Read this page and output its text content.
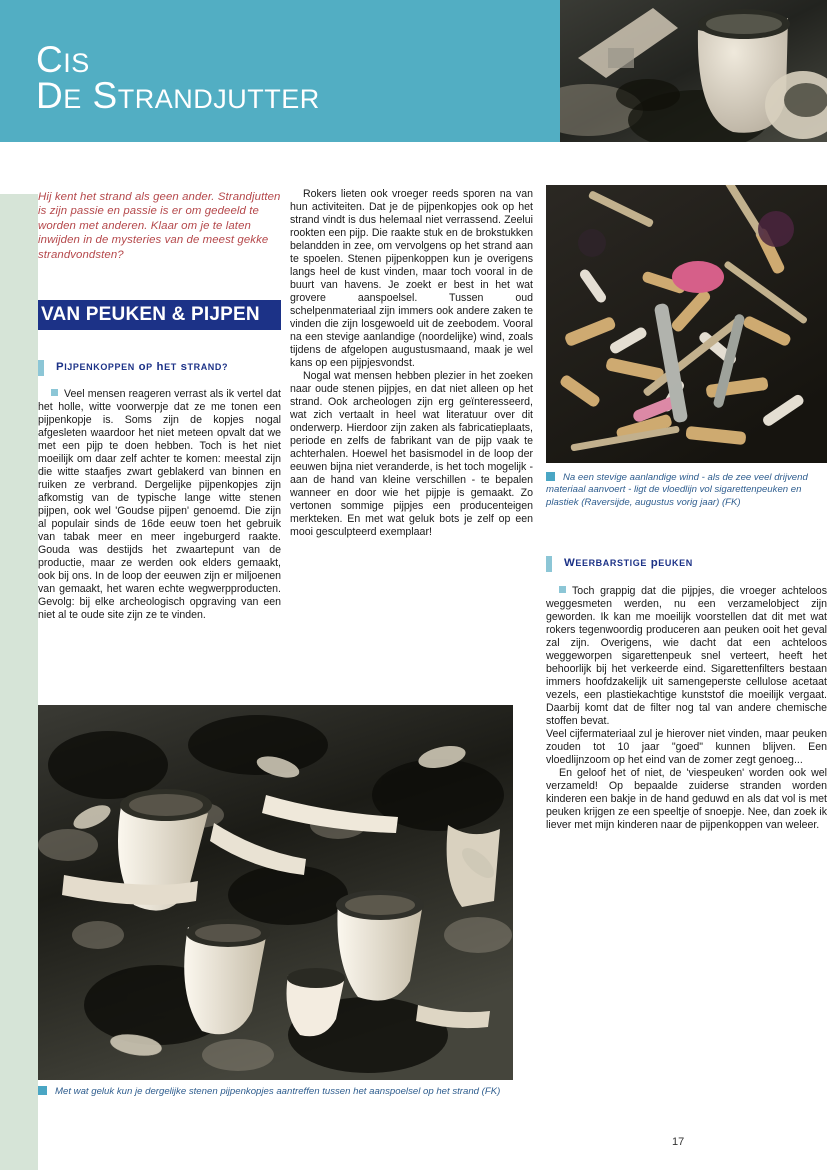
CIS
DE STRANDJUTTER
Na een stevige aanlandige wind - als de zee veel drijvend materiaal aanvoert - ligt de vloedlijn vol sigarettenpeuken en plastiek (Raversijde, augustus vorig jaar) (FK)

Hij kent het strand als geen ander. Strandjutten is zijn passie en passie is er om gedeeld te worden met anderen. Klaar om je te laten inwijden in de mysteries van de meest gekke strandvondsten?

VAN PEUKEN & PIJPEN
PIJPENKOPPEN oP hET sTRAND?

Veel mensen reageren verrast als ik vertel dat het holle, witte voorwerpje dat ze me tonen een pijpenkopje is. Soms zijn de kopjes nogal afgesleten waardoor het niet meteen opvalt dat we met een pijp te doen hebben. Toch is het niet moeilijk om daar zelf achter te komen: meestal zijn die witte staafjes zwart geblakerd van binnen en ruiken ze verbrand. Dergelijke pijpenkopjes zijn afkomstig van de typische lange witte stenen pijpen, ook wel 'Goudse pijpen' genoemd. Die zijn al populair sinds de 16de eeuw toen het gebruik van tabak meer en meer ingeburgerd raakte. Gouda was destijds het zwaartepunt van de productie, maar ze werden ook elders gemaakt, ook bij ons. In de loop der eeuwen zijn er miljoenen van gemaakt, het waren echte wegwerpproducten. Gevolg: bij elke archeologisch opgraving van een niet al te oude site zijn ze te vinden.

Rokers lieten ook vroeger reeds sporen na van hun activiteiten. Dat je de pijpenkopjes ook op het strand vindt is dus helemaal niet verrassend. Zeelui rookten een pijp. Die raakte stuk en de brokstukken belandden in zee, om vervolgens op het strand aan te spoelen. Stenen pijpenkoppen kun je overigens langs heel de kust vinden, maar toch vooral in de buurt van havens. Je zoekt er best in het wat grovere aanspoelsel. Tussen oud schelpenmateriaal zijn immers ook andere zaken te vinden die zijn losgewoeld uit de zeebodem. Vooral na een stevige aanlandige (noordelijke) wind, zoals tijdens de afgelopen augustusmaand, maak je wel kans op een pijpjesvondst.

Nogal wat mensen hebben plezier in het zoeken naar oude stenen pijpjes, en dat niet alleen op het strand. Ook archeologen zijn erg geïnteresseerd, wat zich vertaalt in heel wat literatuur over dit onderwerp. Hierdoor zijn zaken als fabricatieplaats, periode en zelfs de fabrikant van de pijp vaak te achterhalen. Hoewel het basismodel in de loop der eeuwen bijna niet veranderde, is het toch mogelijk - aan de hand van kleine verschillen - te bepalen wanneer en door wie het pijpje is gemaakt. Zo vertonen sommige pijpjes een producenteigen merkteken. En met wat geluk bots je zelf op een mooi gesculpteerd exemplaar!

WEERBARSTIGE pEUKEN

Toch grappig dat die pijpjes, die vroeger achteloos weggesmeten werden, nu een verzamelobject zijn geworden. Ik kan me moeilijk voorstellen dat dit met wat rokers tegenwoordig produceren aan peuken ooit het geval zal zijn. Overigens, wie dacht dat een achteloos weggeworpen sigarettenpeuk snel verteert, heeft het behoorlijk bij het verkeerde eind. Sigarettenfilters bestaan immers hoofdzakelijk uit samengeperste cellulose acetaat vezels, een plastiekachtige kunststof die moeilijk vergaat. Daarbij komt dat de filter nog tal van andere chemische stoffen bevat.

Veel cijfermateriaal zul je hierover niet vinden, maar peuken zouden tot 10 jaar "goed" kunnen blijven. Een vloedlijnzoom op het eind van de zomer zegt genoeg...

En geloof het of niet, de 'viespeuken' worden ook wel verzameld! Op bepaalde zuiderse stranden worden kinderen een bakje in de hand geduwd en als dat vol is met peuken krijgen ze een speeltje of snoepje. Nee, dan zoek ik liever met mijn kinderen naar de pijpenkoppen van weleer.

Met wat geluk kun je dergelijke stenen pijpenkopjes aantreffen tussen het aanspoelsel op het strand (FK)
17
